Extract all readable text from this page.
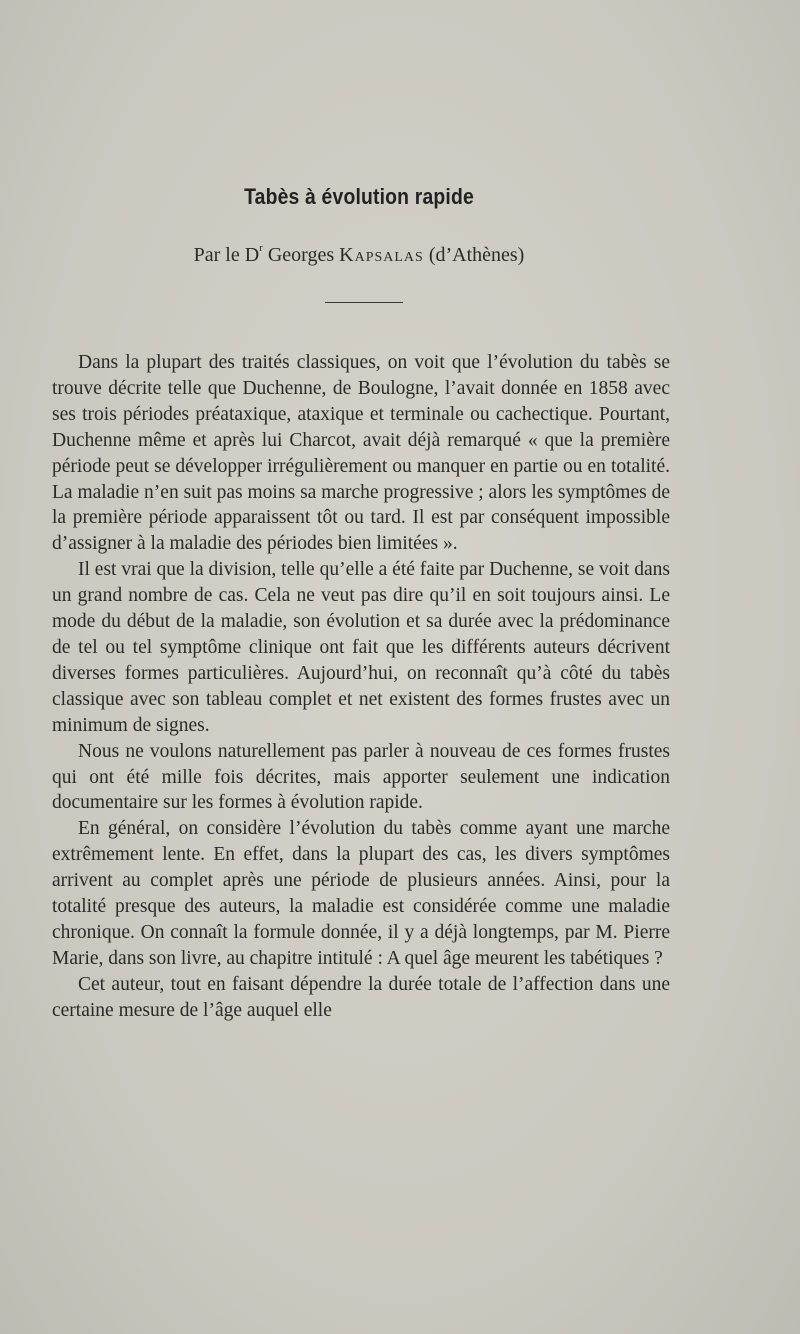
Tabès à évolution rapide
Par le $D^r$ Georges Kapsalas (d’Athènes)

Dans la plupart des traités classiques, on voit que l’évolution du tabès se trouve décrite telle que Duchenne, de Boulogne, l’avait donnée en 1858 avec ses trois périodes préataxique, ataxique et terminale ou cachectique. Pourtant, Duchenne même et après lui Charcot, avait déjà remarqué « que la première période peut se développer irrégulièrement ou manquer en partie ou en totalité. La maladie n’en suit pas moins sa marche progressive ; alors les symptômes de la première période apparaissent tôt ou tard. Il est par conséquent impossible d’assigner à la maladie des périodes bien limitées ».

Il est vrai que la division, telle qu’elle a été faite par Duchenne, se voit dans un grand nombre de cas. Cela ne veut pas dire qu’il en soit toujours ainsi. Le mode du début de la maladie, son évolution et sa durée avec la prédominance de tel ou tel symptôme clinique ont fait que les différents auteurs décrivent diverses formes particulières. Aujourd’hui, on reconnaît qu’à côté du tabès classique avec son tableau complet et net existent des formes frustes avec un minimum de signes.

Nous ne voulons naturellement pas parler à nouveau de ces formes frustes qui ont été mille fois décrites, mais apporter seulement une indication documentaire sur les formes à évolution rapide.

En général, on considère l’évolution du tabès comme ayant une marche extrêmement lente. En effet, dans la plupart des cas, les divers symptômes arrivent au complet après une période de plusieurs années. Ainsi, pour la totalité presque des auteurs, la maladie est considérée comme une maladie chronique. On connaît la formule donnée, il y a déjà longtemps, par M. Pierre Marie, dans son livre, au chapitre intitulé : A quel âge meurent les tabétiques ?

Cet auteur, tout en faisant dépendre la durée totale de l’affection dans une certaine mesure de l’âge auquel elle
